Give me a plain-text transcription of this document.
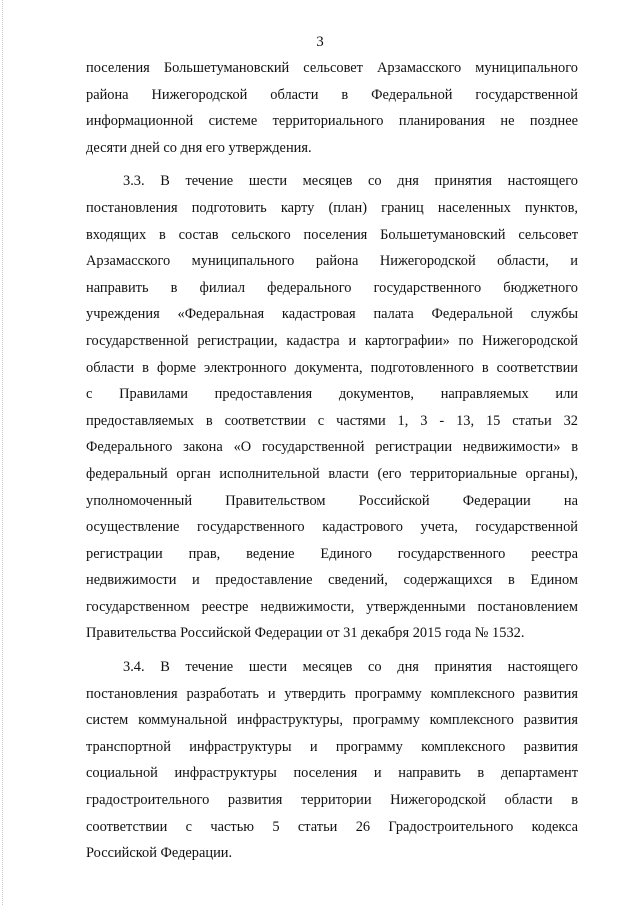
3
поселения Большетумановский сельсовет Арзамасского муниципального
района Нижегородской области в Федеральной государственной
информационной системе территориального планирования не позднее
десяти дней со дня его утверждения.
3.3. В течение шести месяцев со дня принятия настоящего
постановления подготовить карту (план) границ населенных пунктов,
входящих в состав сельского поселения Большетумановский сельсовет
Арзамасского муниципального района Нижегородской области, и
направить в филиал федерального государственного бюджетного
учреждения «Федеральная кадастровая палата Федеральной службы
государственной регистрации, кадастра и картографии» по Нижегородской
области в форме электронного документа, подготовленного в соответствии
с Правилами предоставления документов, направляемых или
предоставляемых в соответствии с частями 1, 3 - 13, 15 статьи 32
Федерального закона «О государственной регистрации недвижимости» в
федеральный орган исполнительной власти (его территориальные органы),
уполномоченный Правительством Российской Федерации на
осуществление государственного кадастрового учета, государственной
регистрации прав, ведение Единого государственного реестра
недвижимости и предоставление сведений, содержащихся в Едином
государственном реестре недвижимости, утвержденными постановлением
Правительства Российской Федерации от 31 декабря 2015 года № 1532.
3.4. В течение шести месяцев со дня принятия настоящего
постановления разработать и утвердить программу комплексного развития
систем коммунальной инфраструктуры, программу комплексного развития
транспортной инфраструктуры и программу комплексного развития
социальной инфраструктуры поселения и направить в департамент
градостроительного развития территории Нижегородской области в
соответствии с частью 5 статьи 26 Градостроительного кодекса
Российской Федерации.
